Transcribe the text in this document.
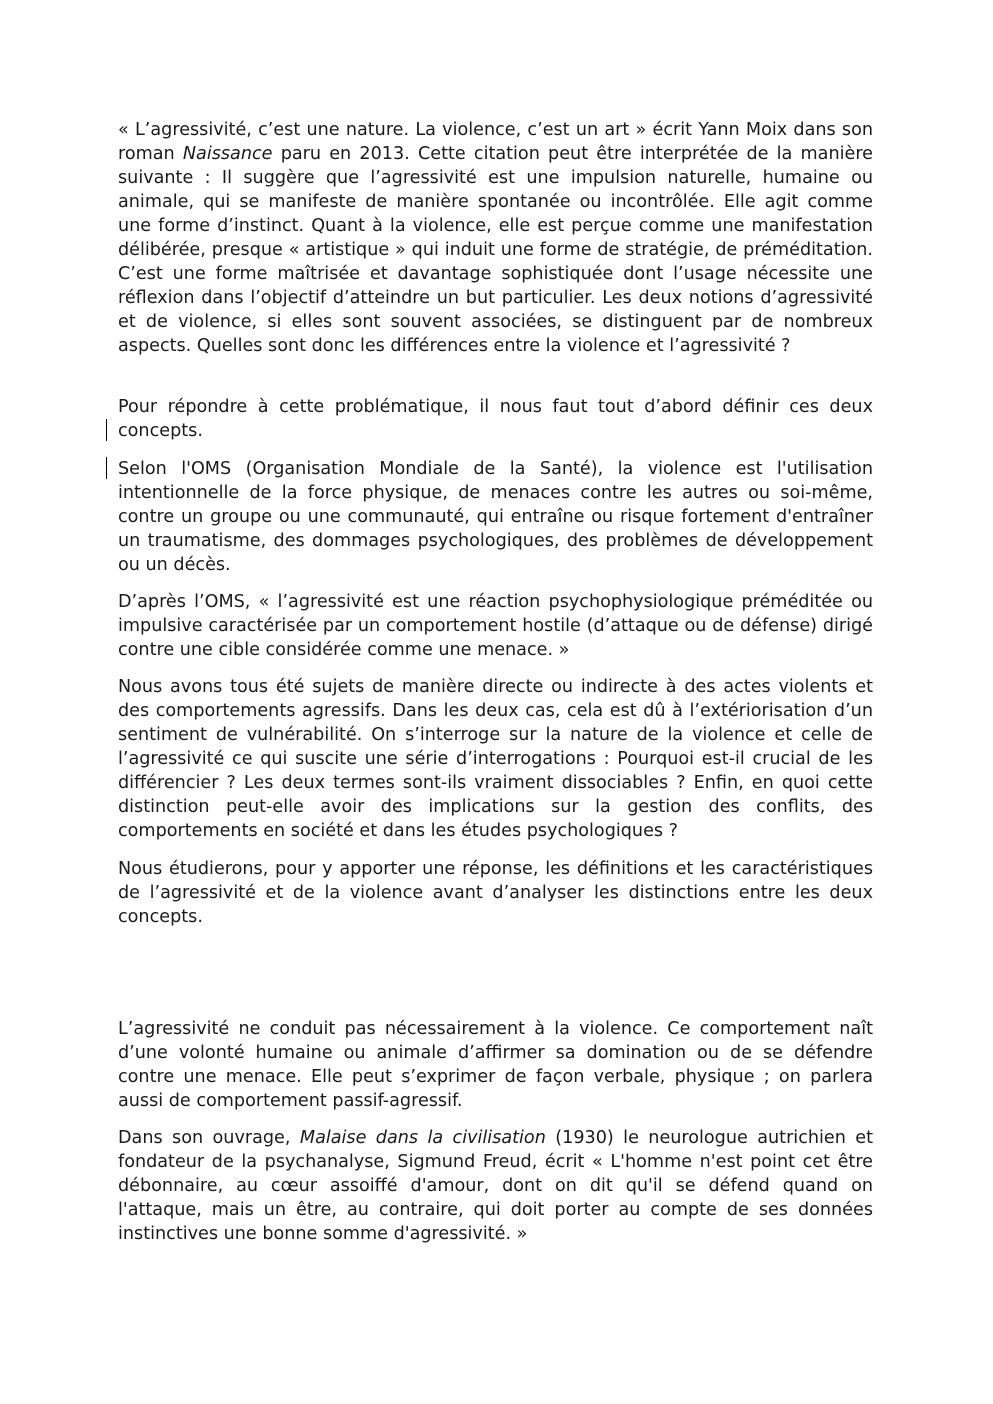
« L’agressivité, c’est une nature. La violence, c’est un art » écrit Yann Moix dans son roman Naissance paru en 2013. Cette citation peut être interprétée de la manière suivante : Il suggère que l’agressivité est une impulsion naturelle, humaine ou animale, qui se manifeste de manière spontanée ou incontrôlée. Elle agit comme une forme d’instinct. Quant à la violence, elle est perçue comme une manifestation délibérée, presque « artistique » qui induit une forme de stratégie, de préméditation. C’est une forme maîtrisée et davantage sophistiquée dont l’usage nécessite une réflexion dans l’objectif d’atteindre un but particulier. Les deux notions d’agressivité et de violence, si elles sont souvent associées, se distinguent par de nombreux aspects. Quelles sont donc les différences entre la violence et l’agressivité ?

Pour répondre à cette problématique, il nous faut tout d’abord définir ces deux concepts.

Selon l'OMS (Organisation Mondiale de la Santé), la violence est l'utilisation intentionnelle de la force physique, de menaces contre les autres ou soi-même, contre un groupe ou une communauté, qui entraîne ou risque fortement d'entraîner un traumatisme, des dommages psychologiques, des problèmes de développement ou un décès.

D’après l’OMS, « l’agressivité est une réaction psychophysiologique préméditée ou impulsive caractérisée par un comportement hostile (d’attaque ou de défense) dirigé contre une cible considérée comme une menace. »

Nous avons tous été sujets de manière directe ou indirecte à des actes violents et des comportements agressifs. Dans les deux cas, cela est dû à l’extériorisation d’un sentiment de vulnérabilité. On s’interroge sur la nature de la violence et celle de l’agressivité ce qui suscite une série d’interrogations : Pourquoi est-il crucial de les différencier ? Les deux termes sont-ils vraiment dissociables ? Enfin, en quoi cette distinction peut-elle avoir des implications sur la gestion des conflits, des comportements en société et dans les études psychologiques ?

Nous étudierons, pour y apporter une réponse, les définitions et les caractéristiques de l’agressivité et de la violence avant d’analyser les distinctions entre les deux concepts.

L’agressivité ne conduit pas nécessairement à la violence. Ce comportement naît d’une volonté humaine ou animale d’affirmer sa domination ou de se défendre contre une menace. Elle peut s’exprimer de façon verbale, physique ; on parlera aussi de comportement passif-agressif.

Dans son ouvrage, Malaise dans la civilisation (1930) le neurologue autrichien et fondateur de la psychanalyse, Sigmund Freud, écrit « L'homme n'est point cet être débonnaire, au cœur assoiffé d'amour, dont on dit qu'il se défend quand on l'attaque, mais un être, au contraire, qui doit porter au compte de ses données instinctives une bonne somme d'agressivité. »
